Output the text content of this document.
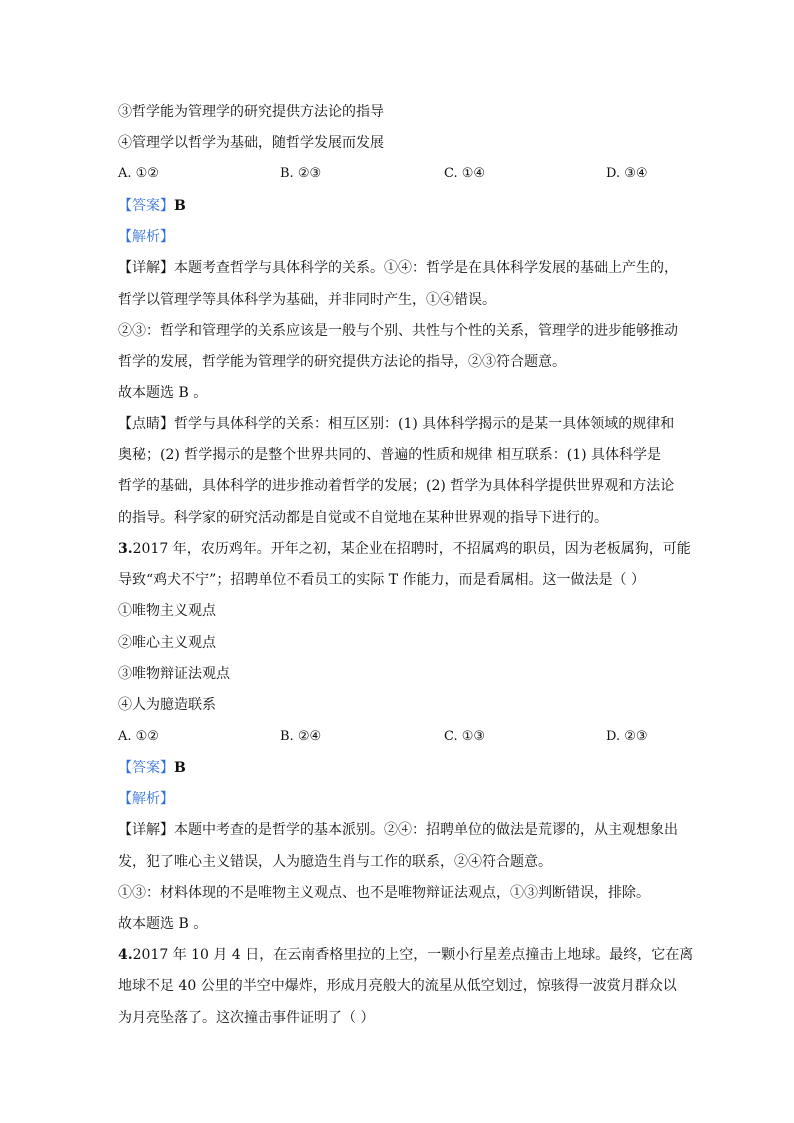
③哲学能为管理学的研究提供方法论的指导
④管理学以哲学为基础，随哲学发展而发展
A. ①②	B. ②③	C. ①④	D. ③④
【答案】B
【解析】
【详解】本题考查哲学与具体科学的关系。①④：哲学是在具体科学发展的基础上产生的，
哲学以管理学等具体科学为基础，并非同时产生，①④错误。
②③：哲学和管理学的关系应该是一般与个别、共性与个性的关系，管理学的进步能够推动
哲学的发展，哲学能为管理学的研究提供方法论的指导，②③符合题意。
故本题选 B 。
【点睛】哲学与具体科学的关系：相互区别：(1) 具体科学揭示的是某一具体领域的规律和
奥秘；(2) 哲学揭示的是整个世界共同的、普遍的性质和规律 相互联系：(1) 具体科学是
哲学的基础，具体科学的进步推动着哲学的发展；(2) 哲学为具体科学提供世界观和方法论
的指导。科学家的研究活动都是自觉或不自觉地在某种世界观的指导下进行的。
3.2017 年，农历鸡年。开年之初，某企业在招聘时，不招属鸡的职员，因为老板属狗，可能
导致“鸡犬不宁”；招聘单位不看员工的实际 T 作能力，而是看属相。这一做法是（ ）
①唯物主义观点
②唯心主义观点
③唯物辩证法观点
④人为臆造联系
A. ①②	B. ②④	C. ①③	D. ②③
【答案】B
【解析】
【详解】本题中考查的是哲学的基本派别。②④：招聘单位的做法是荒谬的，从主观想象出
发，犯了唯心主义错误，人为臆造生肖与工作的联系，②④符合题意。
①③：材料体现的不是唯物主义观点、也不是唯物辩证法观点，①③判断错误，排除。
故本题选 B 。
4.2017 年 10 月 4 日，在云南香格里拉的上空，一颗小行星差点撞击上地球。最终，它在离
地球不足 40 公里的半空中爆炸，形成月亮般大的流星从低空划过，惊骇得一波赏月群众以
为月亮坠落了。这次撞击事件证明了（ ）
